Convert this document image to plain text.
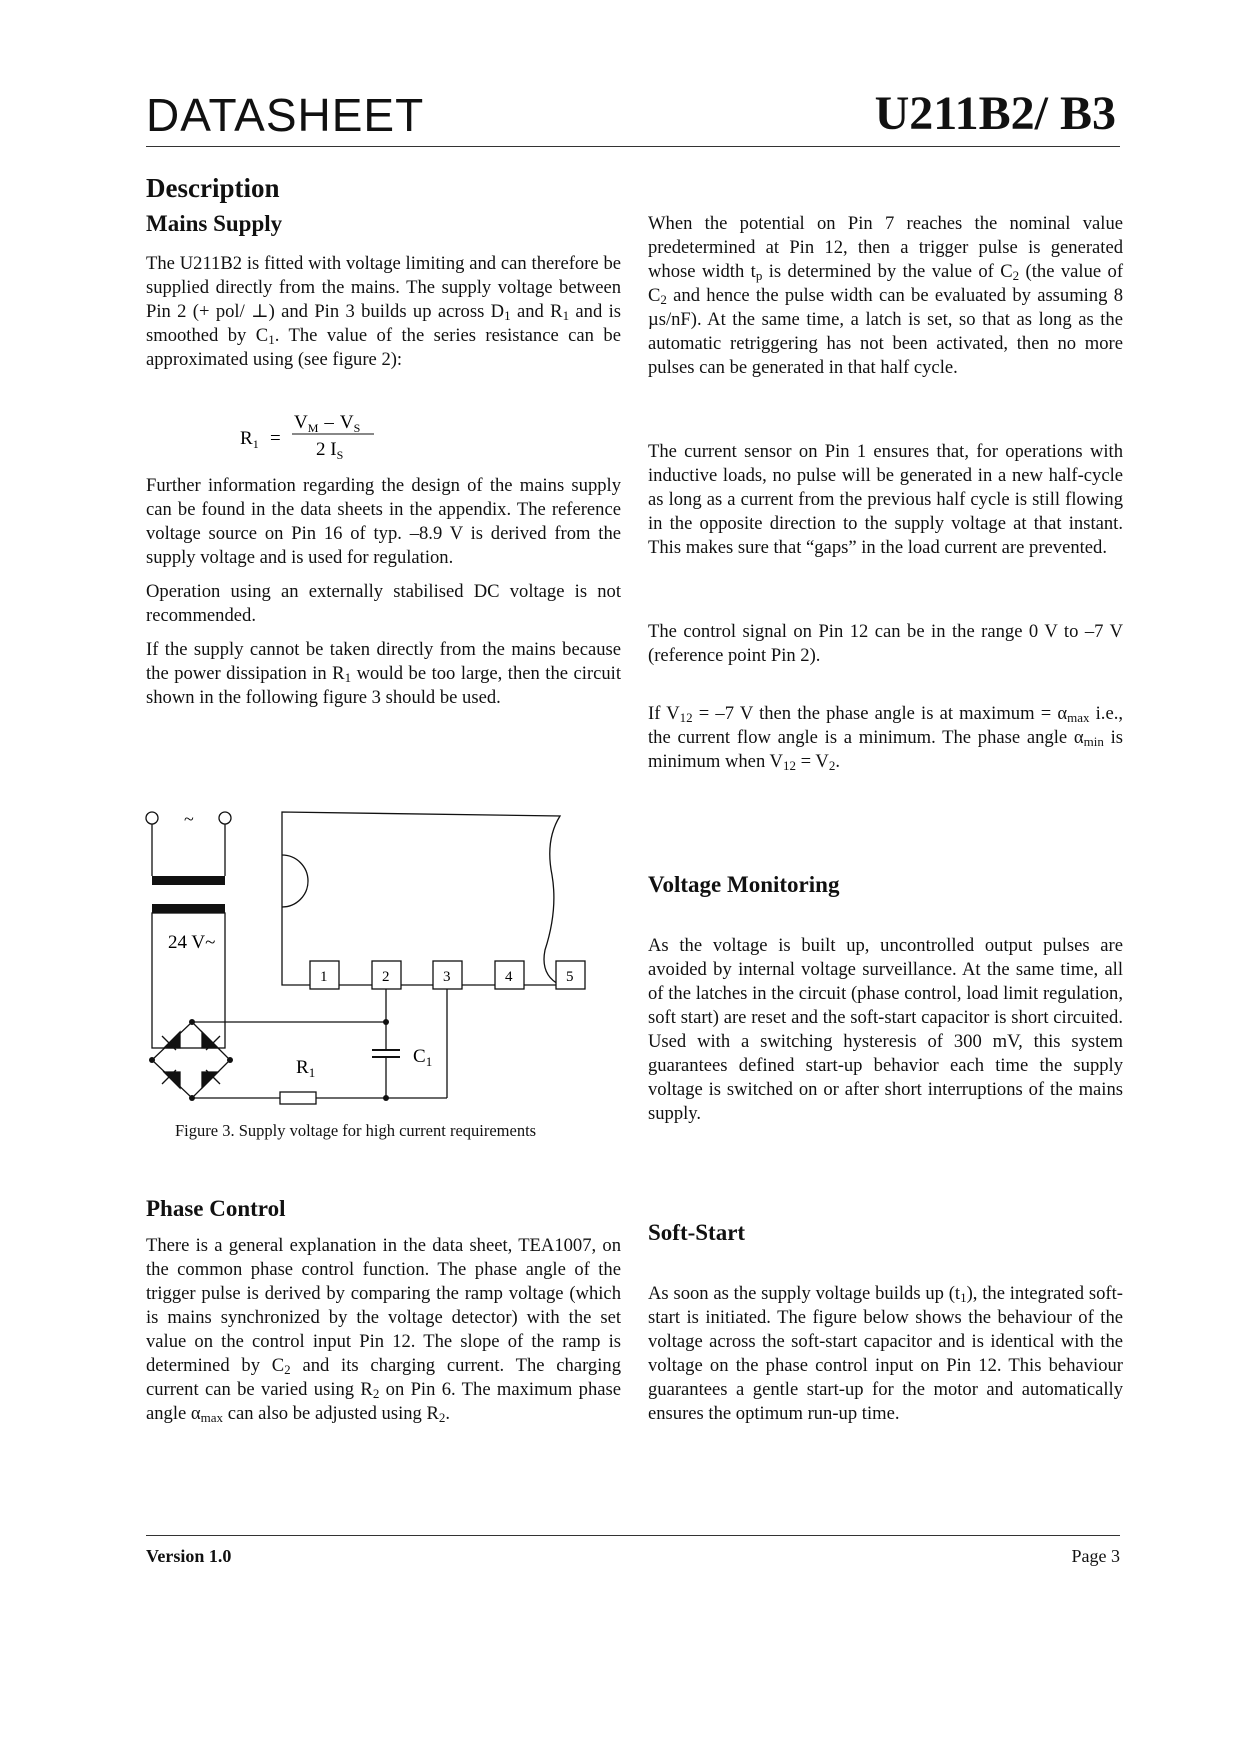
DATASHEET	U211B2/ B3
Description
Mains Supply

The U211B2 is fitted with voltage limiting and can therefore be supplied directly from the mains. The supply voltage between Pin 2 (+ pol/ ⊥) and Pin 3 builds up across $D_1$ and $R_1$ and is smoothed by $C_1$. The value of the series resistance can be approximated using (see figure 2):

$R_1$ =
$V_M - V_S$
2 $I_S$

Further information regarding the design of the mains supply can be found in the data sheets in the appendix. The reference voltage source on Pin 16 of typ. –8.9 V is derived from the supply voltage and is used for regulation.

Operation using an externally stabilised DC voltage is not recommended.

If the supply cannot be taken directly from the mains because the power dissipation in $R_1$ would be too large, then the circuit shown in the following figure 3 should be used.

~
24 V~
1	2	3	4	5
$C_1$
$R_1$
Figure 3. Supply voltage for high current requirements
Phase Control

There is a general explanation in the data sheet, TEA1007, on the common phase control function. The phase angle of the trigger pulse is derived by comparing the ramp voltage (which is mains synchronized by the voltage detector) with the set value on the control input Pin 12. The slope of the ramp is determined by $C_2$ and its charging current. The charging current can be varied using $R_2$ on Pin 6. The maximum phase angle $\alpha_{max}$ can also be adjusted using $R_2$.

When the potential on Pin 7 reaches the nominal value predetermined at Pin 12, then a trigger pulse is generated whose width $t_p$ is determined by the value of $C_2$ (the value of $C_2$ and hence the pulse width can be evaluated by assuming 8 µs/nF). At the same time, a latch is set, so that as long as the automatic retriggering has not been activated, then no more pulses can be generated in that half cycle.

The current sensor on Pin 1 ensures that, for operations with inductive loads, no pulse will be generated in a new half-cycle as long as a current from the previous half cycle is still flowing in the opposite direction to the supply voltage at that instant. This makes sure that “gaps” in the load current are prevented.

The control signal on Pin 12 can be in the range 0 V to –7 V (reference point Pin 2).

If $V_{12} = -7$ V then the phase angle is at maximum = $\alpha_{max}$ i.e., the current flow angle is a minimum. The phase angle $\alpha_{min}$ is minimum when $V_{12} = V_2$.

Voltage Monitoring

As the voltage is built up, uncontrolled output pulses are avoided by internal voltage surveillance. At the same time, all of the latches in the circuit (phase control, load limit regulation, soft start) are reset and the soft-start capacitor is short circuited. Used with a switching hysteresis of 300 mV, this system guarantees defined start-up behavior each time the supply voltage is switched on or after short interruptions of the mains supply.

Soft-Start

As soon as the supply voltage builds up $(t_1)$, the integrated soft-start is initiated. The figure below shows the behaviour of the voltage across the soft-start capacitor and is identical with the voltage on the phase control input on Pin 12. This behaviour guarantees a gentle start-up for the motor and automatically ensures the optimum run-up time.

Version 1.0	Page 3
